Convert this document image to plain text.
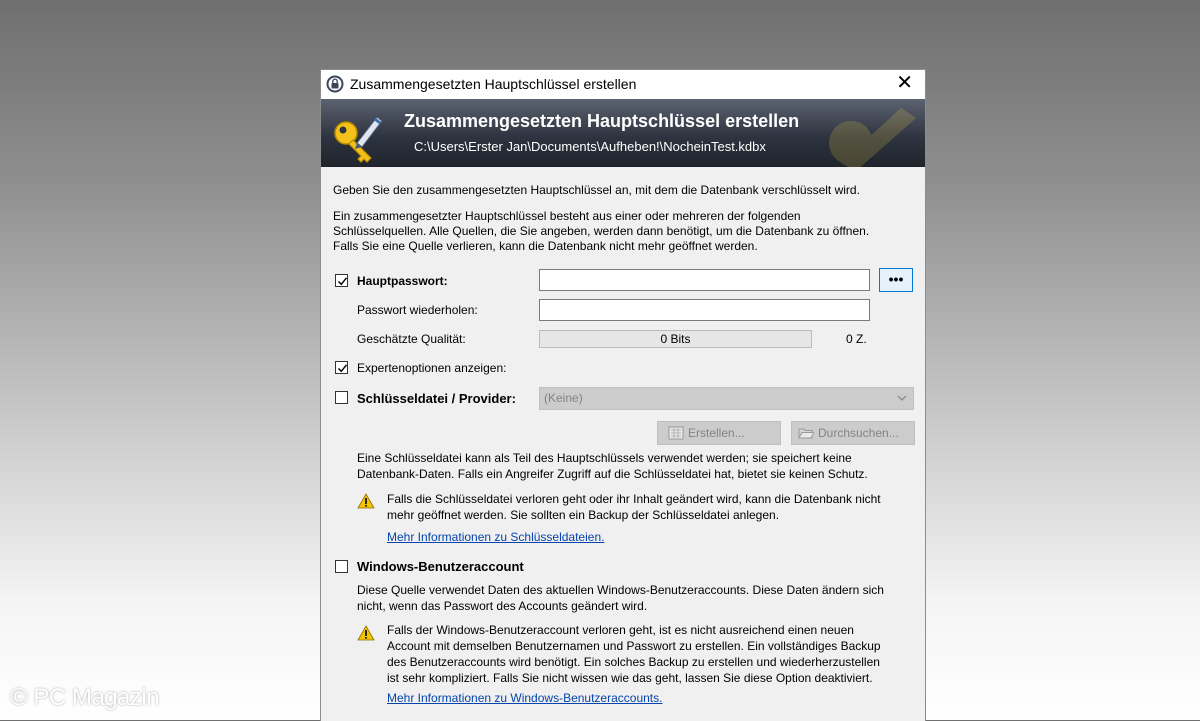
Zusammengesetzten Hauptschlüssel erstellen	✕
Zusammengesetzten Hauptschlüssel erstellen
C:\Users\Erster Jan\Documents\Aufheben!\NocheinTest.kdbx
Geben Sie den zusammengesetzten Hauptschlüssel an, mit dem die Datenbank verschlüsselt wird.
Ein zusammengesetzter Hauptschlüssel besteht aus einer oder mehreren der folgenden
Schlüsselquellen. Alle Quellen, die Sie angeben, werden dann benötigt, um die Datenbank zu öffnen.
Falls Sie eine Quelle verlieren, kann die Datenbank nicht mehr geöffnet werden.
Hauptpasswort:	•••
Passwort wiederholen:
Geschätzte Qualität:	0 Bits	0 Z.
Expertenoptionen anzeigen:
Schlüsseldatei / Provider:	(Keine)
Erstellen...	Durchsuchen...
Eine Schlüsseldatei kann als Teil des Hauptschlüssels verwendet werden; sie speichert keine
Datenbank-Daten. Falls ein Angreifer Zugriff auf die Schlüsseldatei hat, bietet sie keinen Schutz.
Falls die Schlüsseldatei verloren geht oder ihr Inhalt geändert wird, kann die Datenbank nicht
mehr geöffnet werden. Sie sollten ein Backup der Schlüsseldatei anlegen.
Mehr Informationen zu Schlüsseldateien.
Windows-Benutzeraccount
Diese Quelle verwendet Daten des aktuellen Windows-Benutzeraccounts. Diese Daten ändern sich
nicht, wenn das Passwort des Accounts geändert wird.
Falls der Windows-Benutzeraccount verloren geht, ist es nicht ausreichend einen neuen
Account mit demselben Benutzernamen und Passwort zu erstellen. Ein vollständiges Backup
des Benutzeraccounts wird benötigt. Ein solches Backup zu erstellen und wiederherzustellen
ist sehr kompliziert. Falls Sie nicht wissen wie das geht, lassen Sie diese Option deaktiviert.
Mehr Informationen zu Windows-Benutzeraccounts.
© PC Magazin
